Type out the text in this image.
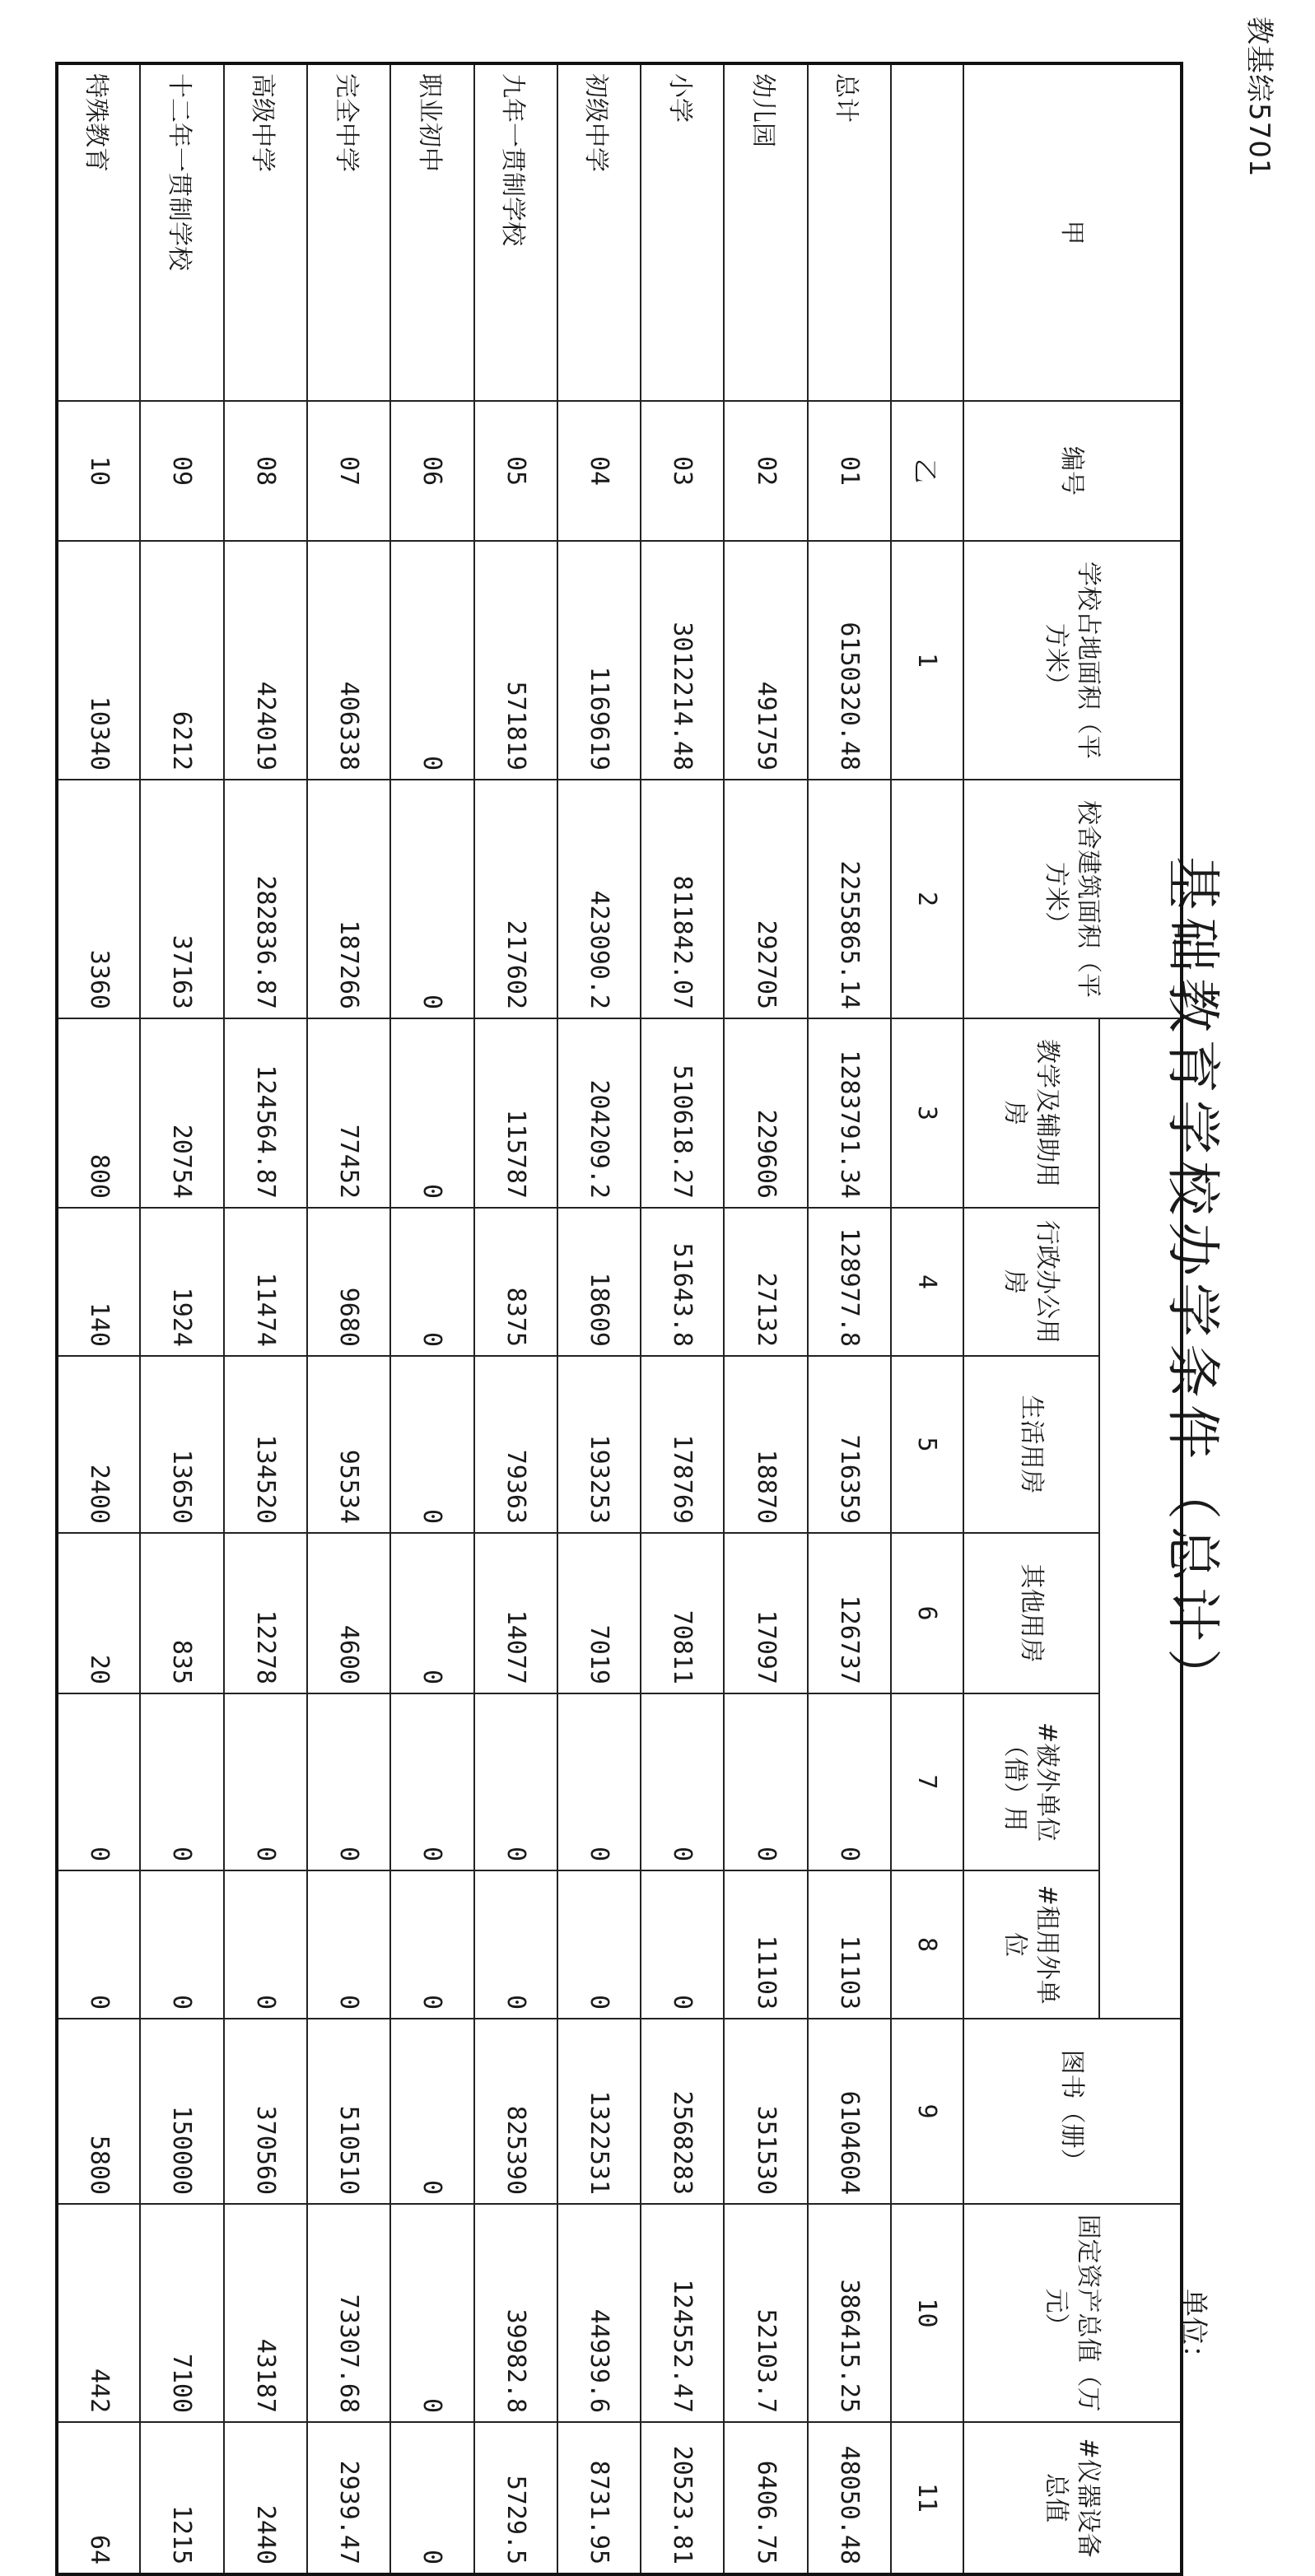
教基综5701
基础教育学校办学条件（总计）
单位：
甲	编号	学校占地面积（平方米）	校舍建筑面积（平方米）							图书（册）	固定资产总值（万元）	#仪器设备总值
				教学及辅助用房	行政办公用房	生活用房	其他用房	#被外单位（借）用	#租用外单位			
	乙	1	2	3	4	5	6	7	8	9	10	11
总计	01	6150320.48	2255865.14	1283791.34	128977.8	716359	126737	0	11103	6104604	386415.25	48050.48
幼儿园	02	491759	292705	229606	27132	18870	17097	0	11103	351530	52103.7	6406.75
小学	03	3012214.48	811842.07	510618.27	51643.8	178769	70811	0	0	2568283	124552.47	20523.81
初级中学	04	1169619	423090.2	204209.2	18609	193253	7019	0	0	1322531	44939.6	8731.95
九年一贯制学校	05	571819	217602	115787	8375	79363	14077	0	0	825390	39982.8	5729.5
职业初中	06	0	0	0	0	0	0	0	0	0	0	0
完全中学	07	406338	187266	77452	9680	95534	4600	0	0	510510	73307.68	2939.47
高级中学	08	424019	282836.87	124564.87	11474	134520	12278	0	0	370560	43187	2440
十二年一贯制学校	09	6212	37163	20754	1924	13650	835	0	0	150000	7100	1215
特殊教育	10	10340	3360	800	140	2400	20	0	0	5800	442	64
